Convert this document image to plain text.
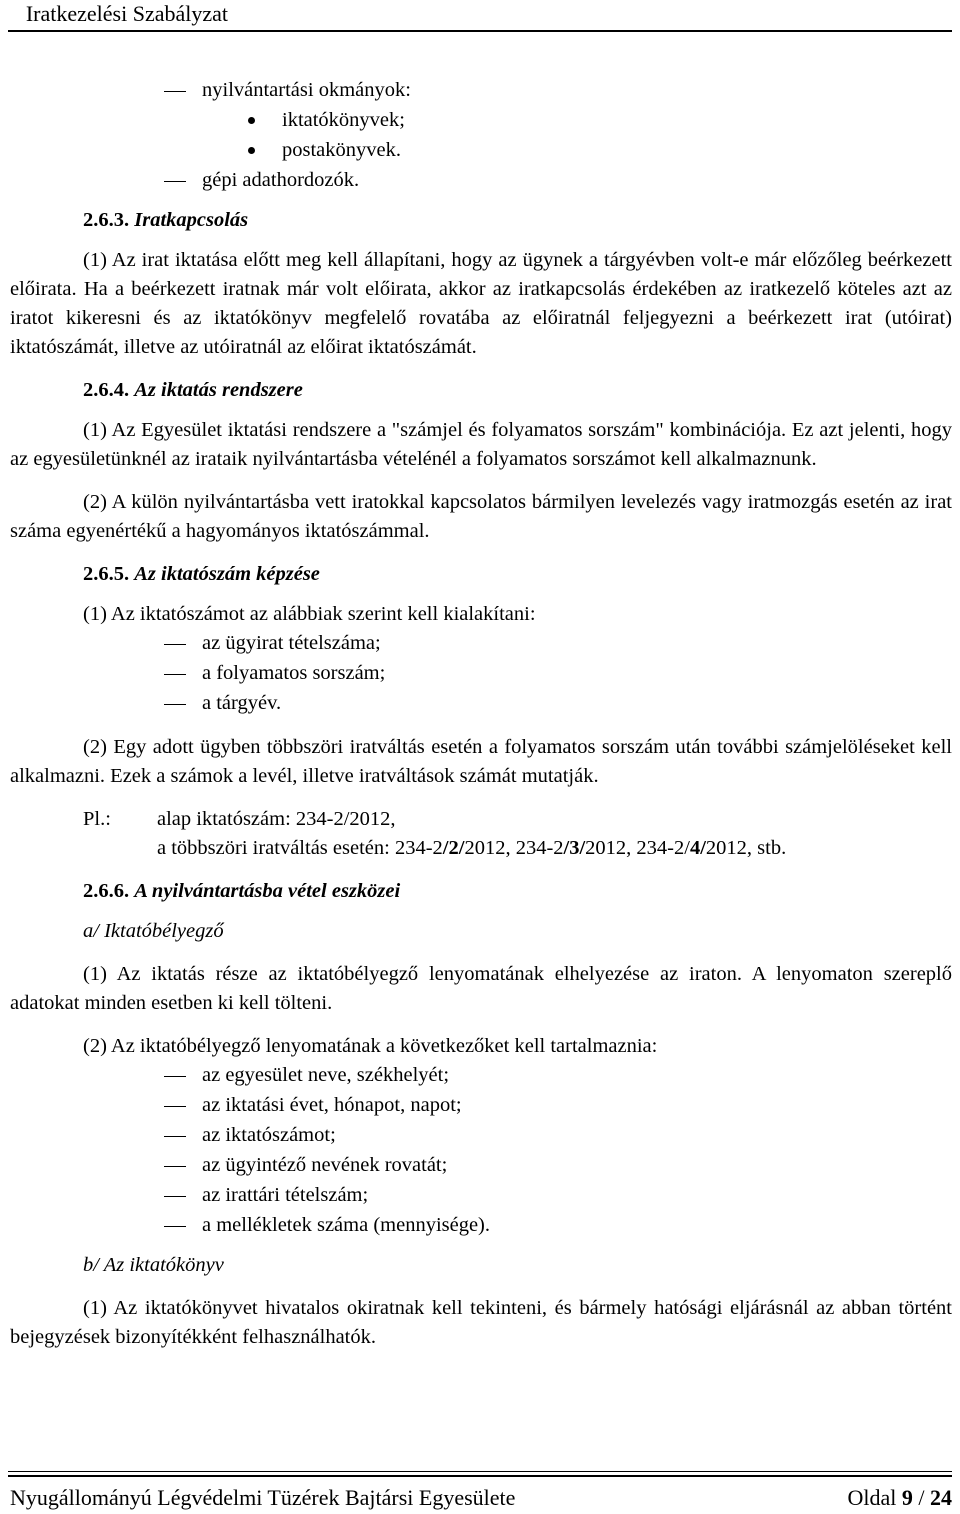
Iratkezelési Szabályzat
nyilvántartási okmányok:
iktatókönyvek;
postakönyvek.
gépi adathordozók.
2.6.3. Iratkapcsolás

(1) Az irat iktatása előtt meg kell állapítani, hogy az ügynek a tárgyévben volt-e már előzőleg beérkezett előirata. Ha a beérkezett iratnak már volt előirata, akkor az iratkapcsolás érdekében az iratkezelő köteles azt az iratot kikeresni és az iktatókönyv megfelelő rovatába az előiratnál feljegyezni a beérkezett irat (utóirat) iktatószámát, illetve az utóiratnál az előirat iktatószámát.

2.6.4. Az iktatás rendszere

(1) Az Egyesület iktatási rendszere a "számjel és folyamatos sorszám" kombinációja. Ez azt jelenti, hogy az egyesületünknél az irataik nyilvántartásba vételénél a folyamatos sorszámot kell alkalmaznunk.

(2) A külön nyilvántartásba vett iratokkal kapcsolatos bármilyen levelezés vagy iratmozgás esetén az irat száma egyenértékű a hagyományos iktatószámmal.

2.6.5. Az iktatószám képzése

(1) Az iktatószámot az alábbiak szerint kell kialakítani:

az ügyirat tételszáma;
a folyamatos sorszám;
a tárgyév.

(2) Egy adott ügyben többszöri iratváltás esetén a folyamatos sorszám után további számjelöléseket kell alkalmazni. Ezek a számok a levél, illetve iratváltások számát mutatják.

Pl.:	alap iktatószám: 234-2/2012,
a többszöri iratváltás esetén: 234-2/2/2012, 234-2/3/2012, 234-2/4/2012, stb.
2.6.6. A nyilvántartásba vétel eszközei
a/ Iktatóbélyegző

(1) Az iktatás része az iktatóbélyegző lenyomatának elhelyezése az iraton. A lenyomaton szereplő adatokat minden esetben ki kell tölteni.

(2) Az iktatóbélyegző lenyomatának a következőket kell tartalmaznia:

az egyesület neve, székhelyét;
az iktatási évet, hónapot, napot;
az iktatószámot;
az ügyintéző nevének rovatát;
az irattári tételszám;
a mellékletek száma (mennyisége).
b/ Az iktatókönyv

(1) Az iktatókönyvet hivatalos okiratnak kell tekinteni, és bármely hatósági eljárásnál az abban történt bejegyzések bizonyítékként felhasználhatók.

Nyugállományú Légvédelmi Tüzérek Bajtársi Egyesülete	Oldal 9 / 24
